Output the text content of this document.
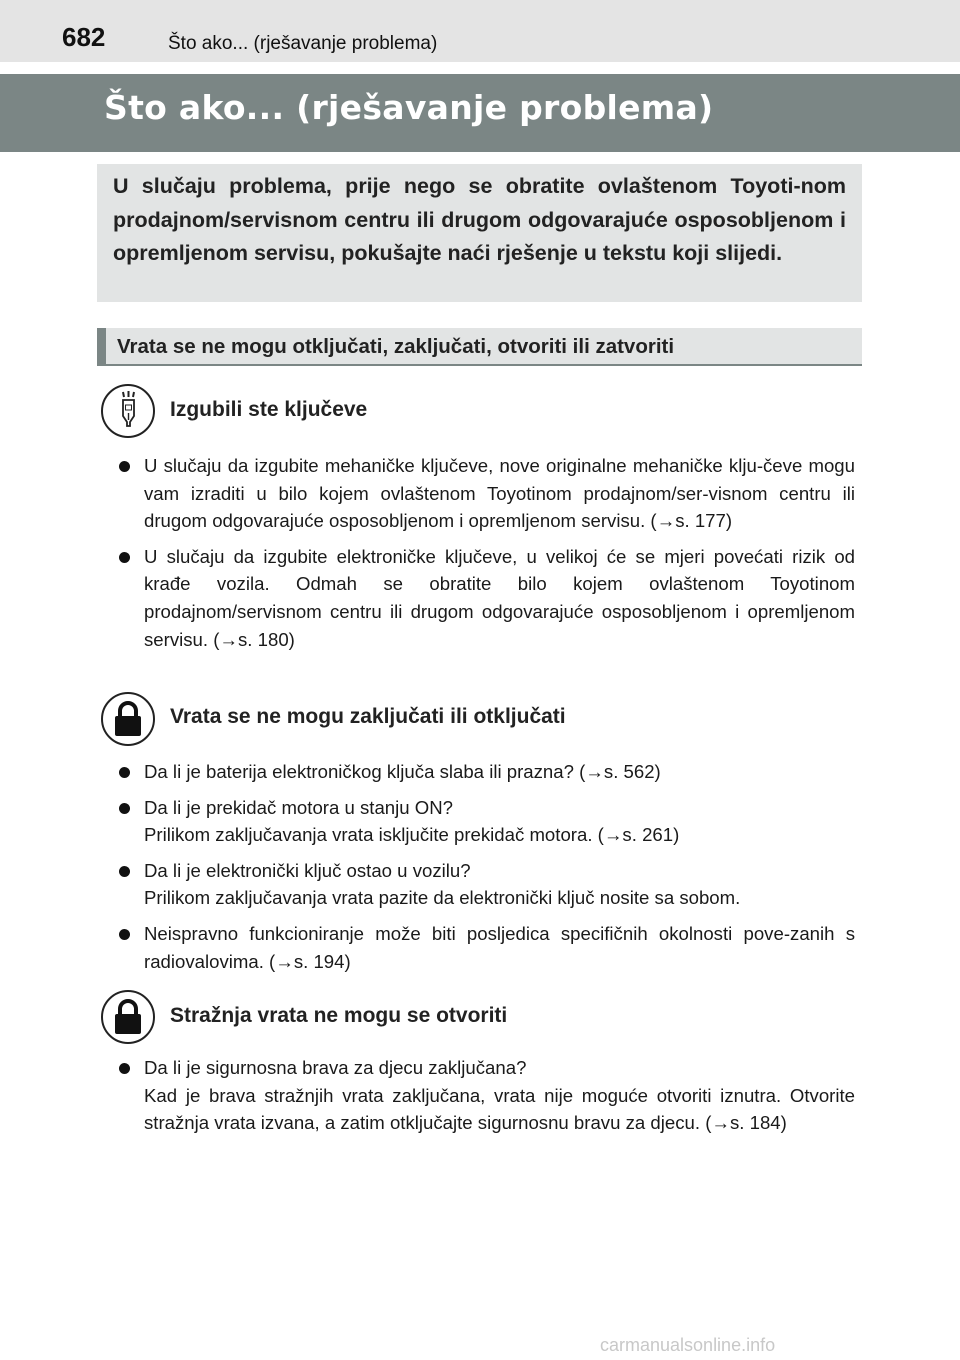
682	Što ako... (rješavanje problema)
Što ako... (rješavanje problema)

U slučaju problema, prije nego se obratite ovlaštenom Toyoti-nom prodajnom/servisnom centru ili drugom odgovarajuće osposobljenom i opremljenom servisu, pokušajte naći rješenje u tekstu koji slijedi.

Vrata se ne mogu otključati, zaključati, otvoriti ili zatvoriti
Izgubili ste ključeve
U slučaju da izgubite mehaničke ključeve, nove originalne mehaničke klju-čeve mogu vam izraditi u bilo kojem ovlaštenom Toyotinom prodajnom/ser-visnom centru ili drugom odgovarajuće osposobljenom i opremljenom servisu. (→s. 177)
U slučaju da izgubite elektroničke ključeve, u velikoj će se mjeri povećati rizik od krađe vozila. Odmah se obratite bilo kojem ovlaštenom Toyotinom prodajnom/servisnom centru ili drugom odgovarajuće osposobljenom i opremljenom servisu. (→s. 180)
Vrata se ne mogu zaključati ili otključati
Da li je baterija elektroničkog ključa slaba ili prazna? (→s. 562)
Da li je prekidač motora u stanju ON?
Prilikom zaključavanja vrata isključite prekidač motora. (→s. 261)
Da li je elektronički ključ ostao u vozilu?
Prilikom zaključavanja vrata pazite da elektronički ključ nosite sa sobom.
Neispravno funkcioniranje može biti posljedica specifičnih okolnosti pove-zanih s radiovalovima. (→s. 194)
Stražnja vrata ne mogu se otvoriti
Da li je sigurnosna brava za djecu zaključana?
Kad je brava stražnjih vrata zaključana, vrata nije moguće otvoriti iznutra. Otvorite stražnja vrata izvana, a zatim otključajte sigurnosnu bravu za djecu. (→s. 184)
carmanualsonline.info
